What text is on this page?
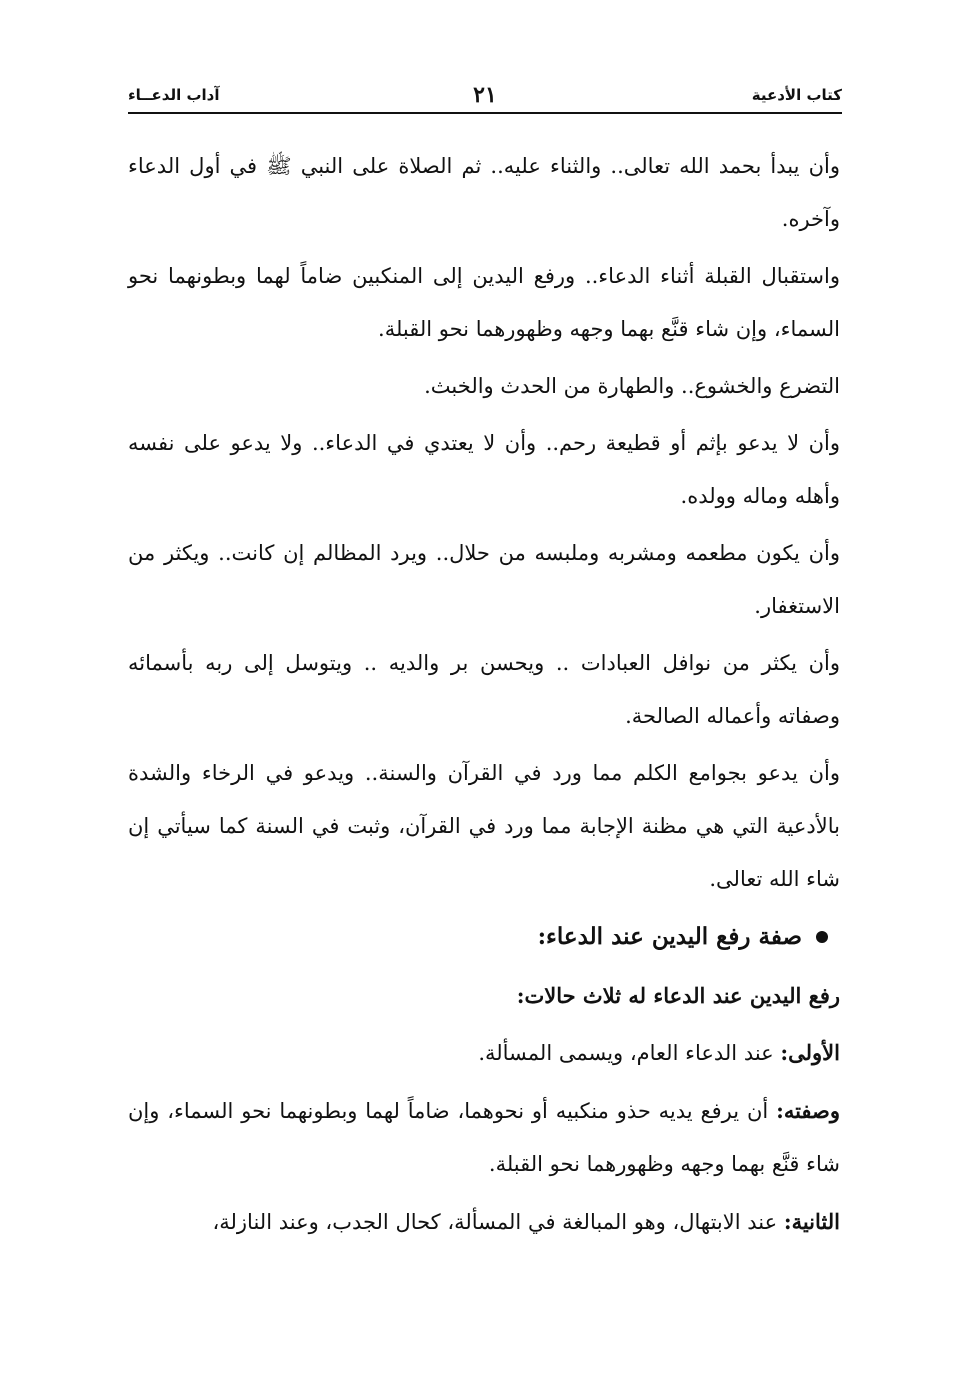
كتاب الأدعية
٢١
آداب الدعــاء

وأن يبدأ بحمد الله تعالى.. والثناء عليه.. ثم الصلاة على النبي ﷺ في أول الدعاء وآخره.

واستقبال القبلة أثناء الدعاء.. ورفع اليدين إلى المنكبين ضاماً لهما وبطونهما نحو السماء، وإن شاء قنَّع بهما وجهه وظهورهما نحو القبلة.

التضرع والخشوع.. والطهارة من الحدث والخبث.

وأن لا يدعو بإثم أو قطيعة رحم.. وأن لا يعتدي في الدعاء.. ولا يدعو على نفسه وأهله وماله وولده.

وأن يكون مطعمه ومشربه وملبسه من حلال.. ويرد المظالم إن كانت.. ويكثر من الاستغفار.

وأن يكثر من نوافل العبادات .. ويحسن بر والديه .. ويتوسل إلى ربه بأسمائه وصفاته وأعماله الصالحة.

وأن يدعو بجوامع الكلم مما ورد في القرآن والسنة.. ويدعو في الرخاء والشدة بالأدعية التي هي مظنة الإجابة مما ورد في القرآن، وثبت في السنة كما سيأتي إن شاء الله تعالى.

صفة رفع اليدين عند الدعاء:

رفع اليدين عند الدعاء له ثلاث حالات:

الأولى: عند الدعاء العام، ويسمى المسألة.

وصفته: أن يرفع يديه حذو منكبيه أو نحوهما، ضاماً لهما وبطونهما نحو السماء، وإن شاء قنَّع بهما وجهه وظهورهما نحو القبلة.

الثانية: عند الابتهال، وهو المبالغة في المسألة، كحال الجدب، وعند النازلة،
